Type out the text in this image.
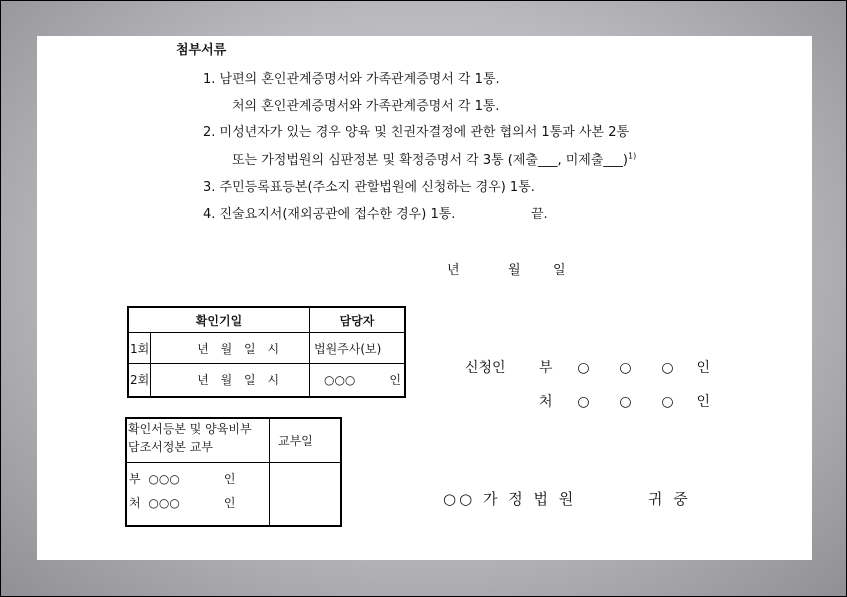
첨부서류
1. 남편의 혼인관계증명서와 가족관계증명서 각 1통.
처의 혼인관계증명서와 가족관계증명서 각 1통.
2. 미성년자가 있는 경우 양육 및 친권자결정에 관한 협의서 1통과 사본 2통
또는 가정법원의 심판정본 및 확정증명서 각 3통 (제출___, 미제출___)$^{1)}$
3. 주민등록표등본(주소지 관할법원에 신청하는 경우) 1통.
4. 진술요지서(재외공관에 접수한 경우) 1통.	끝.
년	월 일
확인기일		담당자
1회	년 월 일 시	법원주사(보)
2회	년 월 일 시	○○○ 인
확인서등본 및 양육비부
담조서정본 교부	교부일

부 ○○○ 인
처 ○○○ 인	

신청인 부 ○ ○ ○ 인
처 ○ ○ ○ 인
○○ 가 정 법 원	귀 중
